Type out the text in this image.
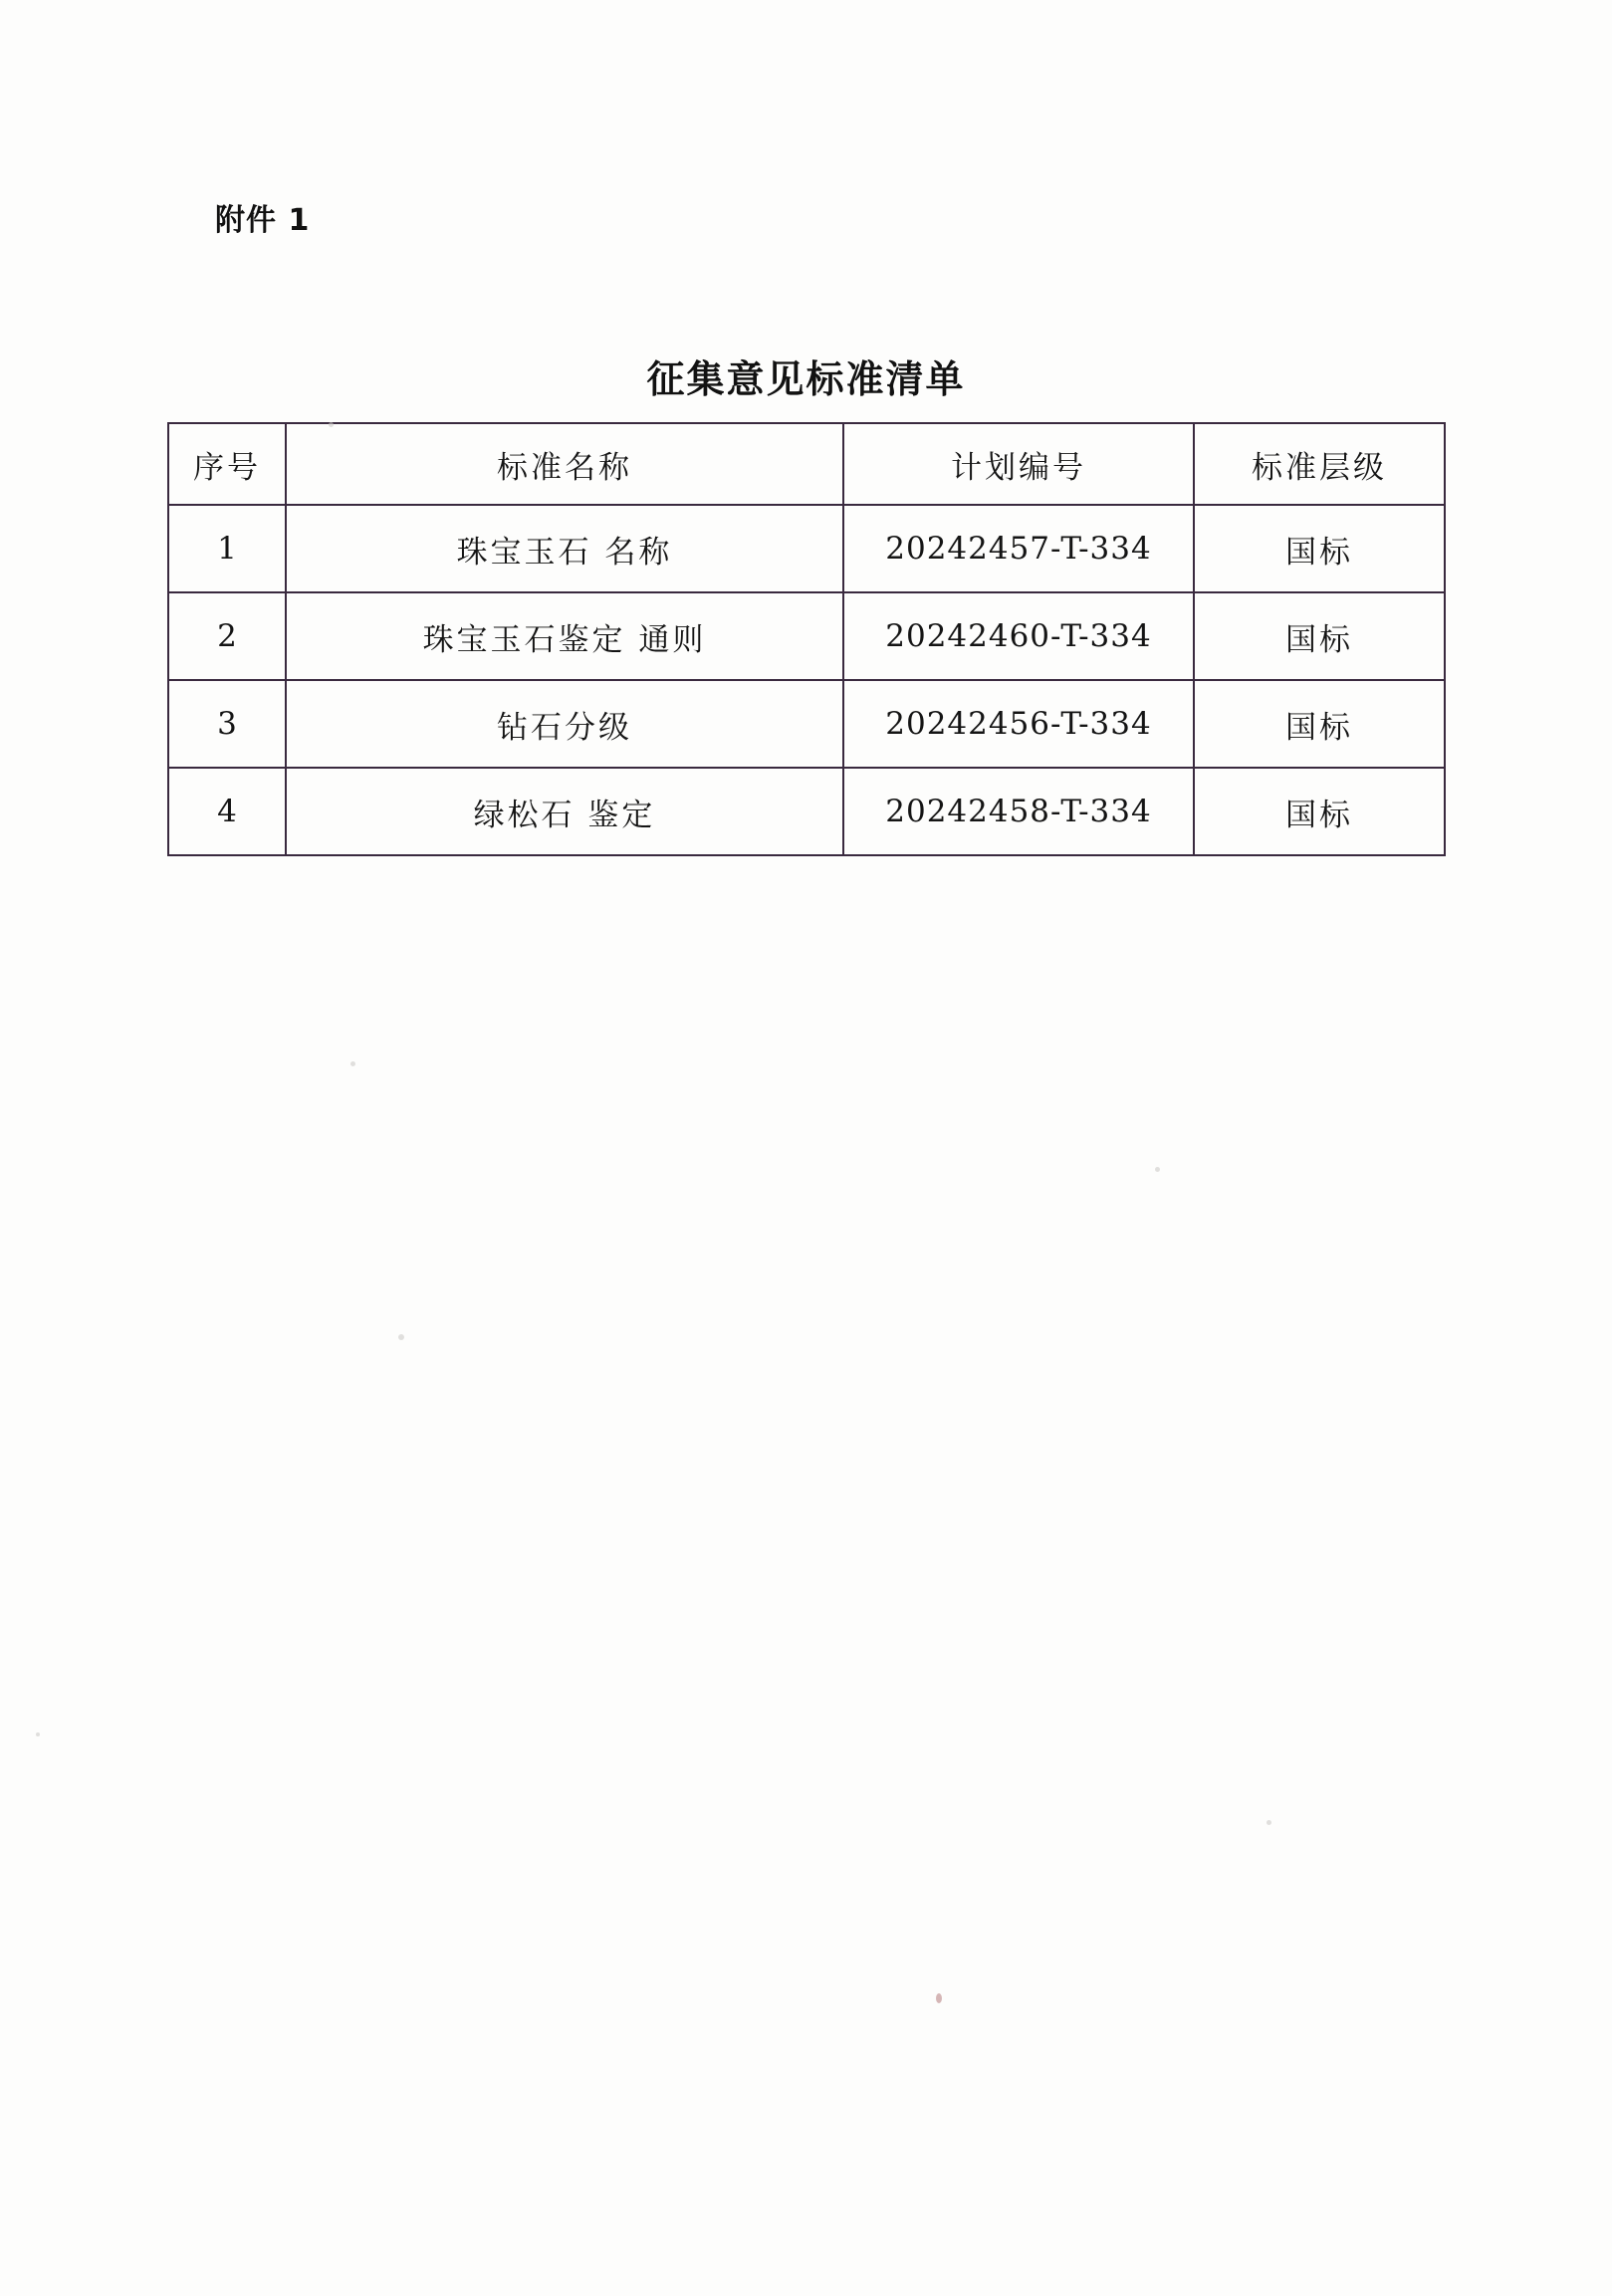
附件 1
征集意见标准清单
序号	标准名称	计划编号	标准层级
1	珠宝玉石 名称	20242457-T-334	国标
2	珠宝玉石鉴定 通则	20242460-T-334	国标
3	钻石分级	20242456-T-334	国标
4	绿松石 鉴定	20242458-T-334	国标
